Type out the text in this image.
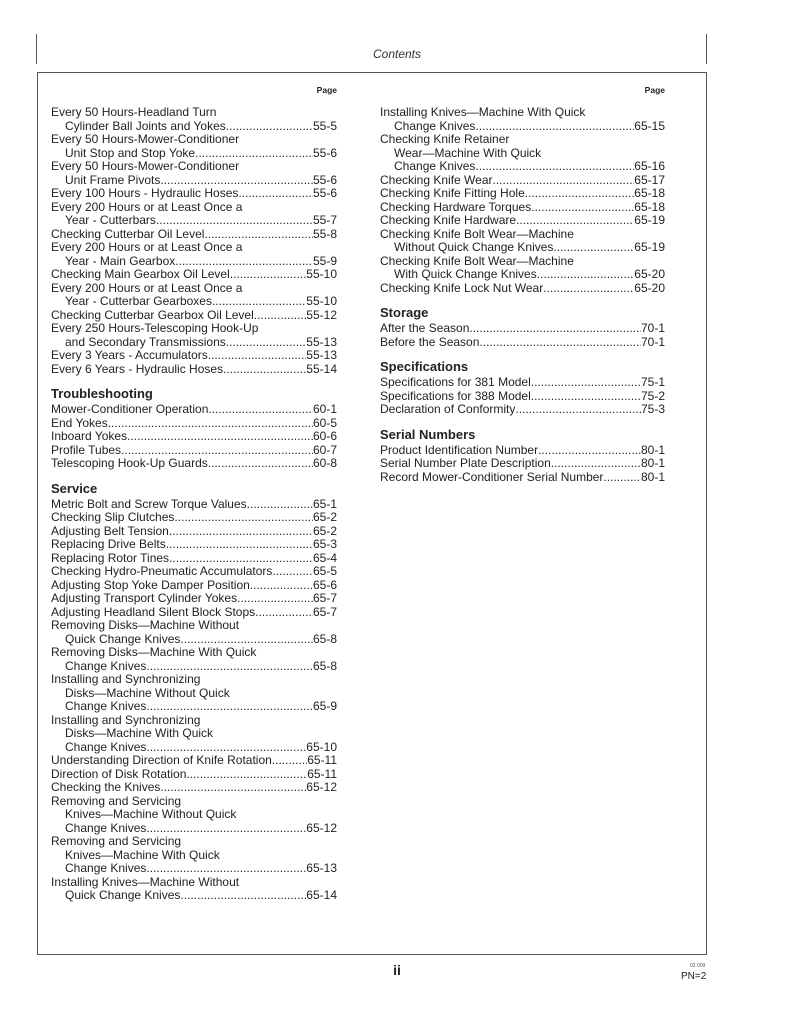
Contents
Page
Every 50 Hours-Headland Turn
Cylinder Ball Joints and Yokes .....	55-5
Every 50 Hours-Mower-Conditioner
Unit Stop and Stop Yoke .....	55-6
Every 50 Hours-Mower-Conditioner
Unit Frame Pivots .....	55-6
Every 100 Hours - Hydraulic Hoses .....	55-6
Every 200 Hours or at Least Once a
Year - Cutterbars .....	55-7
Checking Cutterbar Oil Level .....	55-8
Every 200 Hours or at Least Once a
Year - Main Gearbox .....	55-9
Checking Main Gearbox Oil Level .....	55-10
Every 200 Hours or at Least Once a
Year - Cutterbar Gearboxes .....	55-10
Checking Cutterbar Gearbox Oil Level .....	55-12
Every 250 Hours-Telescoping Hook-Up
and Secondary Transmissions .....	55-13
Every 3 Years - Accumulators .....	55-13
Every 6 Years - Hydraulic Hoses .....	55-14
Troubleshooting
Mower-Conditioner Operation .....	60-1
End Yokes .....	60-5
Inboard Yokes .....	60-6
Profile Tubes .....	60-7
Telescoping Hook-Up Guards .....	60-8
Service
Metric Bolt and Screw Torque Values .....	65-1
Checking Slip Clutches .....	65-2
Adjusting Belt Tension .....	65-2
Replacing Drive Belts .....	65-3
Replacing Rotor Tines .....	65-4
Checking Hydro-Pneumatic Accumulators .....	65-5
Adjusting Stop Yoke Damper Position .....	65-6
Adjusting Transport Cylinder Yokes .....	65-7
Adjusting Headland Silent Block Stops .....	65-7
Removing Disks—Machine Without
Quick Change Knives .....	65-8
Removing Disks—Machine With Quick
Change Knives .....	65-8
Installing and Synchronizing
Disks—Machine Without Quick
Change Knives .....	65-9
Installing and Synchronizing
Disks—Machine With Quick
Change Knives .....	65-10
Understanding Direction of Knife Rotation .....	65-11
Direction of Disk Rotation .....	65-11
Checking the Knives .....	65-12
Removing and Servicing
Knives—Machine Without Quick
Change Knives .....	65-12
Removing and Servicing
Knives—Machine With Quick
Change Knives .....	65-13
Installing Knives—Machine Without
Quick Change Knives .....	65-14
Page
Installing Knives—Machine With Quick
Change Knives .....	65-15
Checking Knife Retainer
Wear—Machine With Quick
Change Knives .....	65-16
Checking Knife Wear .....	65-17
Checking Knife Fitting Hole .....	65-18
Checking Hardware Torques .....	65-18
Checking Knife Hardware .....	65-19
Checking Knife Bolt Wear—Machine
Without Quick Change Knives .....	65-19
Checking Knife Bolt Wear—Machine
With Quick Change Knives .....	65-20
Checking Knife Lock Nut Wear .....	65-20
Storage
After the Season .....	70-1
Before the Season .....	70-1
Specifications
Specifications for 381 Model .....	75-1
Specifications for 388 Model .....	75-2
Declaration of Conformity .....	75-3
Serial Numbers
Product Identification Number .....	80-1
Serial Number Plate Description .....	80-1
Record Mower-Conditioner Serial Number .....	80-1
ii	02 009
PN=2
